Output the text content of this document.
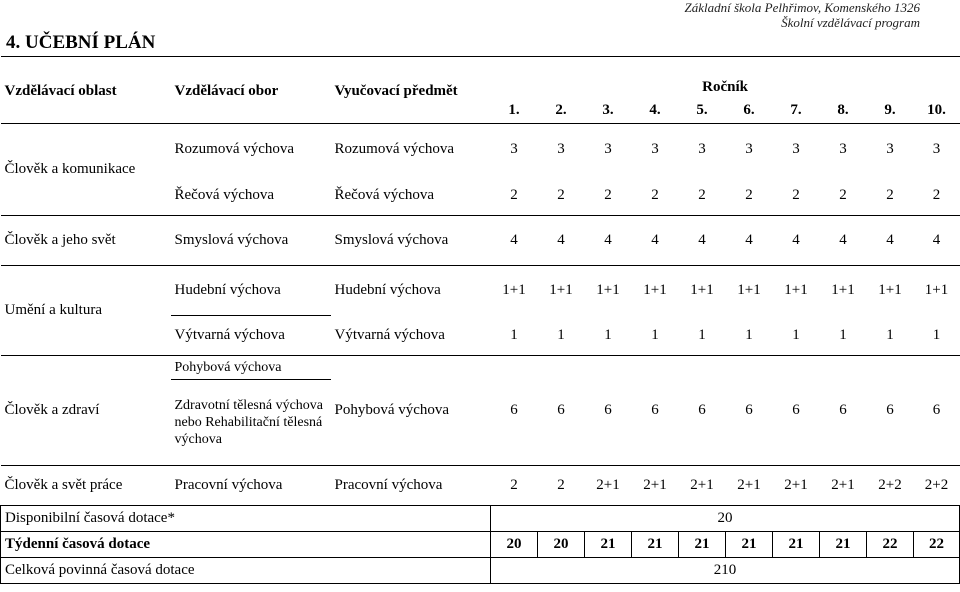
Základní škola Pelhřimov, Komenského 1326
Školní vzdělávací program
4. UČEBNÍ PLÁN
Vzdělávací oblast	Vzdělávací obor	Vyučovací předmět	Ročník									
			1.	2.	3.	4.	5.	6.	7.	8.	9.	10.
Člověk a komunikace	Rozumová výchova	Rozumová výchova	3	3	3	3	3	3	3	3	3	3
	Řečová výchova	Řečová výchova	2	2	2	2	2	2	2	2	2	2
Člověk a jeho svět	Smyslová výchova	Smyslová výchova	4	4	4	4	4	4	4	4	4	4
Umění a kultura	Hudební výchova	Hudební výchova	1+1	1+1	1+1	1+1	1+1	1+1	1+1	1+1	1+1	1+1
	Výtvarná výchova	Výtvarná výchova	1	1	1	1	1	1	1	1	1	1
Člověk a zdraví	Pohybová výchova	Pohybová výchova	6	6	6	6	6	6	6	6	6	6
	Zdravotní tělesná výchova nebo Rehabilitační tělesná výchova											
Člověk a svět práce	Pracovní výchova	Pracovní výchova	2	2	2+1	2+1	2+1	2+1	2+1	2+1	2+2	2+2
Disponibilní časová dotace*			20									
Týdenní časová dotace			20	20	21	21	21	21	21	21	22	22
Celková povinná časová dotace			210									
